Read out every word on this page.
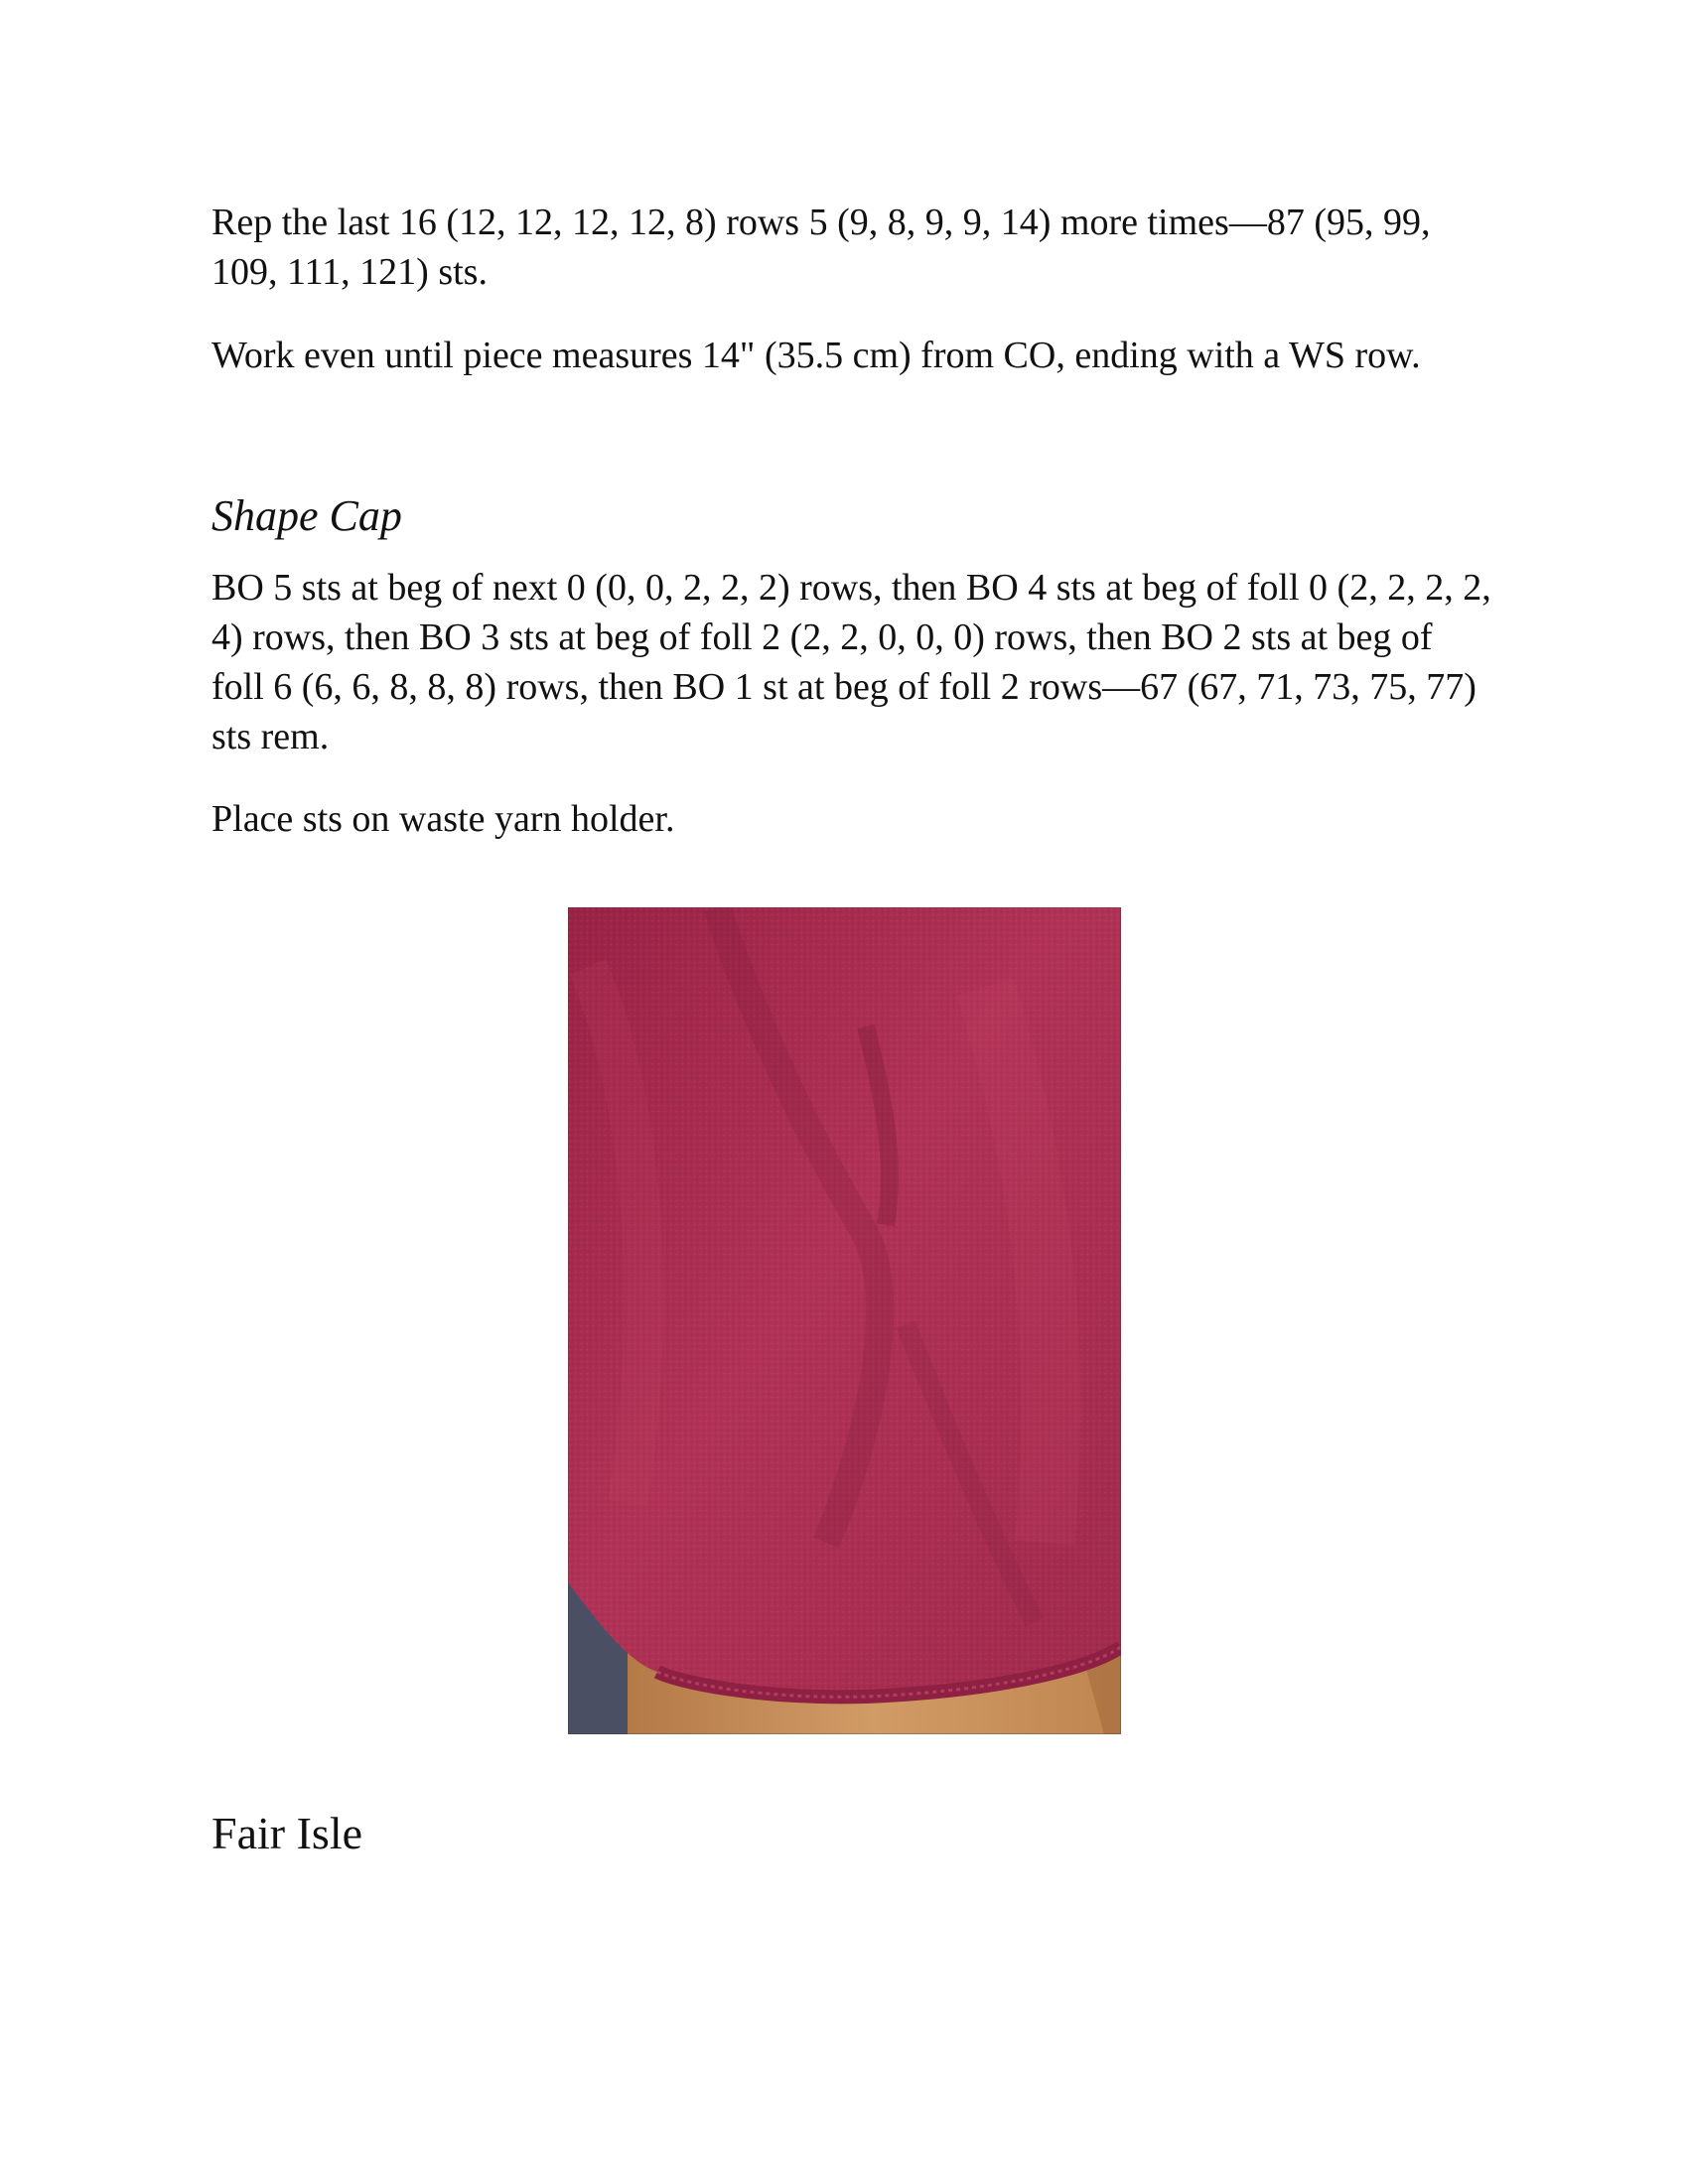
Rep the last 16 (12, 12, 12, 12, 8) rows 5 (9, 8, 9, 9, 14) more times—87 (95, 99, 109, 111, 121) sts.

Work even until piece measures 14" (35.5 cm) from CO, ending with a WS row.

Shape Cap

BO 5 sts at beg of next 0 (0, 0, 2, 2, 2) rows, then BO 4 sts at beg of foll 0 (2, 2, 2, 2, 4) rows, then BO 3 sts at beg of foll 2 (2, 2, 0, 0, 0) rows, then BO 2 sts at beg of foll 6 (6, 6, 8, 8, 8) rows, then BO 1 st at beg of foll 2 rows—67 (67, 71, 73, 75, 77) sts rem.

Place sts on waste yarn holder.

Fair Isle
